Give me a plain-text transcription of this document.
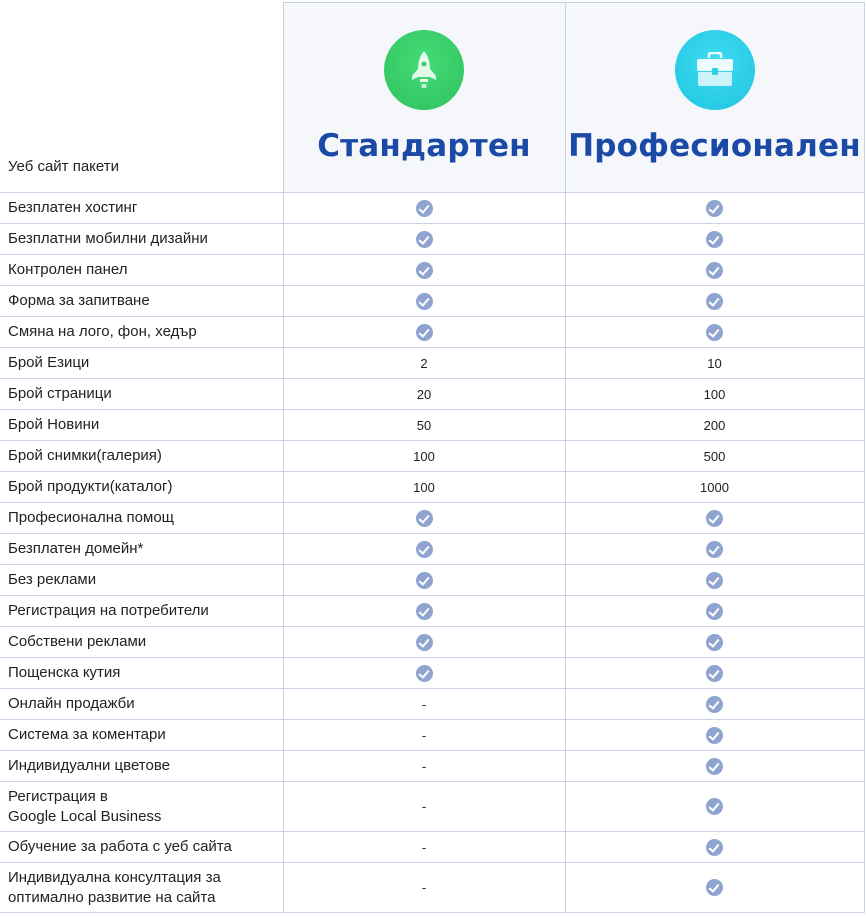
Уеб сайт пакети	Стандартен	Професионален

Безплатен хостинг		
Безплатни мобилни дизайни		
Контролен панел		
Форма за запитване		
Смяна на лого, фон, хедър		
Брой Езици	2	10
Брой страници	20	100
Брой Новини	50	200
Брой снимки(галерия)	100	500
Брой продукти(каталог)	100	1000
Професионална помощ		
Безплатен домейн*		
Без реклами		
Регистрация на потребители		
Собствени реклами		
Пощенска кутия		
Онлайн продажби	-	
Система за коментари	-	
Индивидуални цветове	-	
Регистрация в
Google Local Business	-	
Обучение за работа с уеб сайта	-	
Индивидуална консултация за
оптимално развитие на сайта	-	
